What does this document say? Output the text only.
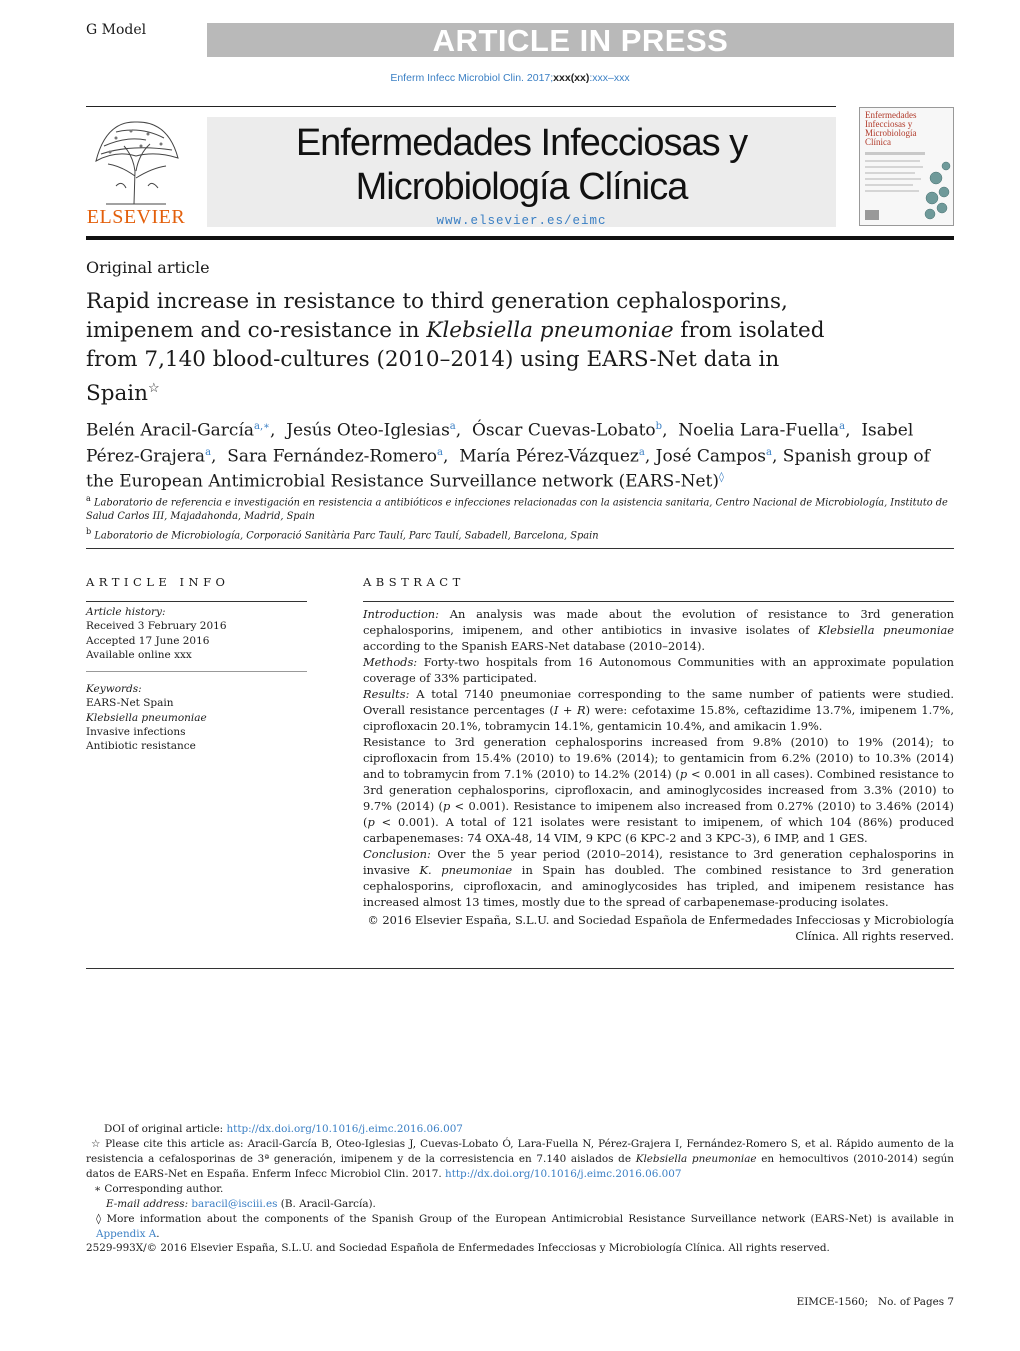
G Model	ARTICLE IN PRESS
Enferm Infecc Microbiol Clin. 2017;xxx(xx):xxx–xxx
ELSEVIER
Enfermedades Infecciosas y
Microbiología Clínica
www.elsevier.es/eimc
Enfermedades
Infecciosas y
Microbiología
Clínica
Original article
Rapid increase in resistance to third generation cephalosporins, imipenem and co-resistance in Klebsiella pneumoniae from isolated from 7,140 blood-cultures (2010–2014) using EARS-Net data in Spain☆
Belén Aracil-García$^{a,∗}$,  Jesús Oteo-Iglesias$^a$,  Óscar Cuevas-Lobato$^b$,  Noelia Lara-Fuella$^a$,  Isabel Pérez-Grajera$^a$,  Sara Fernández-Romero$^a$,  María Pérez-Vázquez$^a$, José Campos$^a$, Spanish group of the European Antimicrobial Resistance Surveillance network (EARS-Net)◊
$^a$ Laboratorio de referencia e investigación en resistencia a antibióticos e infecciones relacionadas con la asistencia sanitaria, Centro Nacional de Microbiología, Instituto de Salud Carlos III, Majadahonda, Madrid, Spain
$^b$ Laboratorio de Microbiología, Corporació Sanitària Parc Taulí, Parc Taulí, Sabadell, Barcelona, Spain
ARTICLE INFO
Article history:
Received 3 February 2016
Accepted 17 June 2016
Available online xxx
Keywords:
EARS-Net Spain
Klebsiella pneumoniae
Invasive infections
Antibiotic resistance
ABSTRACT

Introduction: An analysis was made about the evolution of resistance to 3rd generation cephalosporins, imipenem, and other antibiotics in invasive isolates of Klebsiella pneumoniae according to the Spanish EARS-Net database (2010–2014).

Methods: Forty-two hospitals from 16 Autonomous Communities with an approximate population coverage of 33% participated.

Results: A total 7140 pneumoniae corresponding to the same number of patients were studied. Overall resistance percentages (I + R) were: cefotaxime 15.8%, ceftazidime 13.7%, imipenem 1.7%, ciprofloxacin 20.1%, tobramycin 14.1%, gentamicin 10.4%, and amikacin 1.9%.

Resistance to 3rd generation cephalosporins increased from 9.8% (2010) to 19% (2014); to ciprofloxacin from 15.4% (2010) to 19.6% (2014); to gentamicin from 6.2% (2010) to 10.3% (2014) and to tobramycin from 7.1% (2010) to 14.2% (2014) (p < 0.001 in all cases). Combined resistance to 3rd generation cephalosporins, ciprofloxacin, and aminoglycosides increased from 3.3% (2010) to 9.7% (2014) (p < 0.001). Resistance to imipenem also increased from 0.27% (2010) to 3.46% (2014) (p < 0.001). A total of 121 isolates were resistant to imipenem, of which 104 (86%) produced carbapenemases: 74 OXA-48, 14 VIM, 9 KPC (6 KPC-2 and 3 KPC-3), 6 IMP, and 1 GES.

Conclusion: Over the 5 year period (2010–2014), resistance to 3rd generation cephalosporins in invasive K. pneumoniae in Spain has doubled. The combined resistance to 3rd generation cephalosporins, ciprofloxacin, and aminoglycosides has tripled, and imipenem resistance has increased almost 13 times, mostly due to the spread of carbapenemase-producing isolates.

© 2016 Elsevier España, S.L.U. and Sociedad Española de Enfermedades Infecciosas y Microbiología Clínica. All rights reserved.

DOI of original article: http://dx.doi.org/10.1016/j.eimc.2016.06.007

☆ Please cite this article as: Aracil-García B, Oteo-Iglesias J, Cuevas-Lobato Ó, Lara-Fuella N, Pérez-Grajera I, Fernández-Romero S, et al. Rápido aumento de la resistencia a cefalosporinas de 3ª generación, imipenem y de la corresistencia en 7.140 aislados de Klebsiella pneumoniae en hemocultivos (2010-2014) según datos de EARS-Net en España. Enferm Infecc Microbiol Clin. 2017. http://dx.doi.org/10.1016/j.eimc.2016.06.007

∗ Corresponding author.

E-mail address: baracil@isciii.es (B. Aracil-García).

◊ More information about the components of the Spanish Group of the European Antimicrobial Resistance Surveillance network (EARS-Net) is available in Appendix A.

2529-993X/© 2016 Elsevier España, S.L.U. and Sociedad Española de Enfermedades Infecciosas y Microbiología Clínica. All rights reserved.
EIMCE-1560; No. of Pages 7
